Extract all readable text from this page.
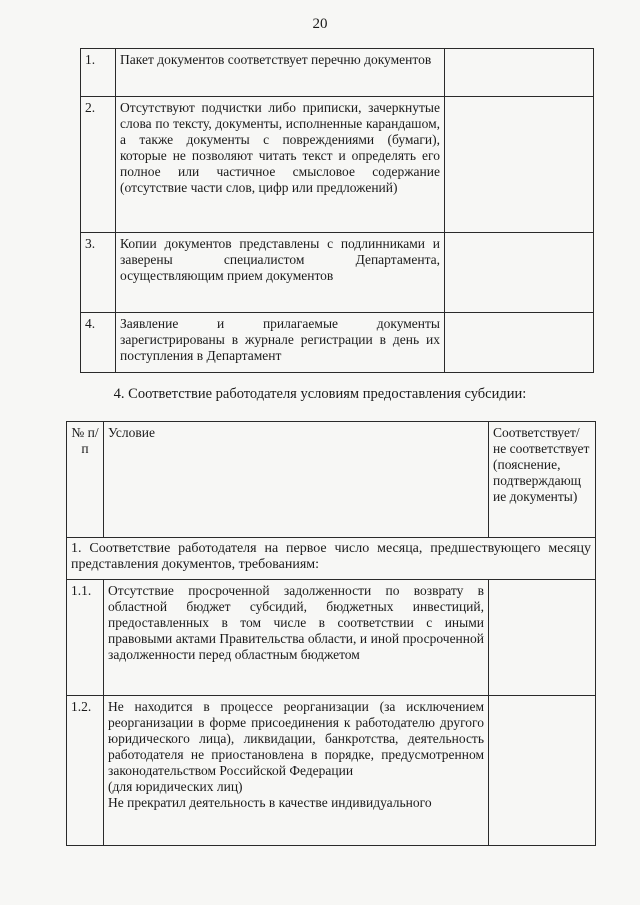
20
1.	Пакет документов соответствует перечню документов	
2.	Отсутствуют подчистки либо приписки, зачеркнутые слова по тексту, документы, исполненные карандашом, а также документы с повреждениями (бумаги), которые не позволяют читать текст и определять его полное или частичное смысловое содержание (отсутствие части слов, цифр или предложений)	
3.	Копии документов представлены с подлинниками и заверены специалистом Департамента, осуществляющим прием документов	
4.	Заявление и прилагаемые документы зарегистрированы в журнале регистрации в день их поступления в Департамент	
4. Соответствие работодателя условиям предоставления субсидии:
№ п/п	Условие	Соответствует/ не соответствует (пояснение, подтверждающ ие документы)
1. Соответствие работодателя на первое число месяца, предшествующего месяцу представления документов, требованиям:		
1.1.	Отсутствие просроченной задолженности по возврату в областной бюджет субсидий, бюджетных инвестиций, предоставленных в том числе в соответствии с иными правовыми актами Правительства области, и иной просроченной задолженности перед областным бюджетом	
1.2.	Не находится в процессе реорганизации (за исключением реорганизации в форме присоединения к работодателю другого юридического лица), ликвидации, банкротства, деятельность работодателя не приостановлена в порядке, предусмотренном законодательством Российской Федерации
(для юридических лиц)
Не прекратил деятельность в качестве индивидуального	
